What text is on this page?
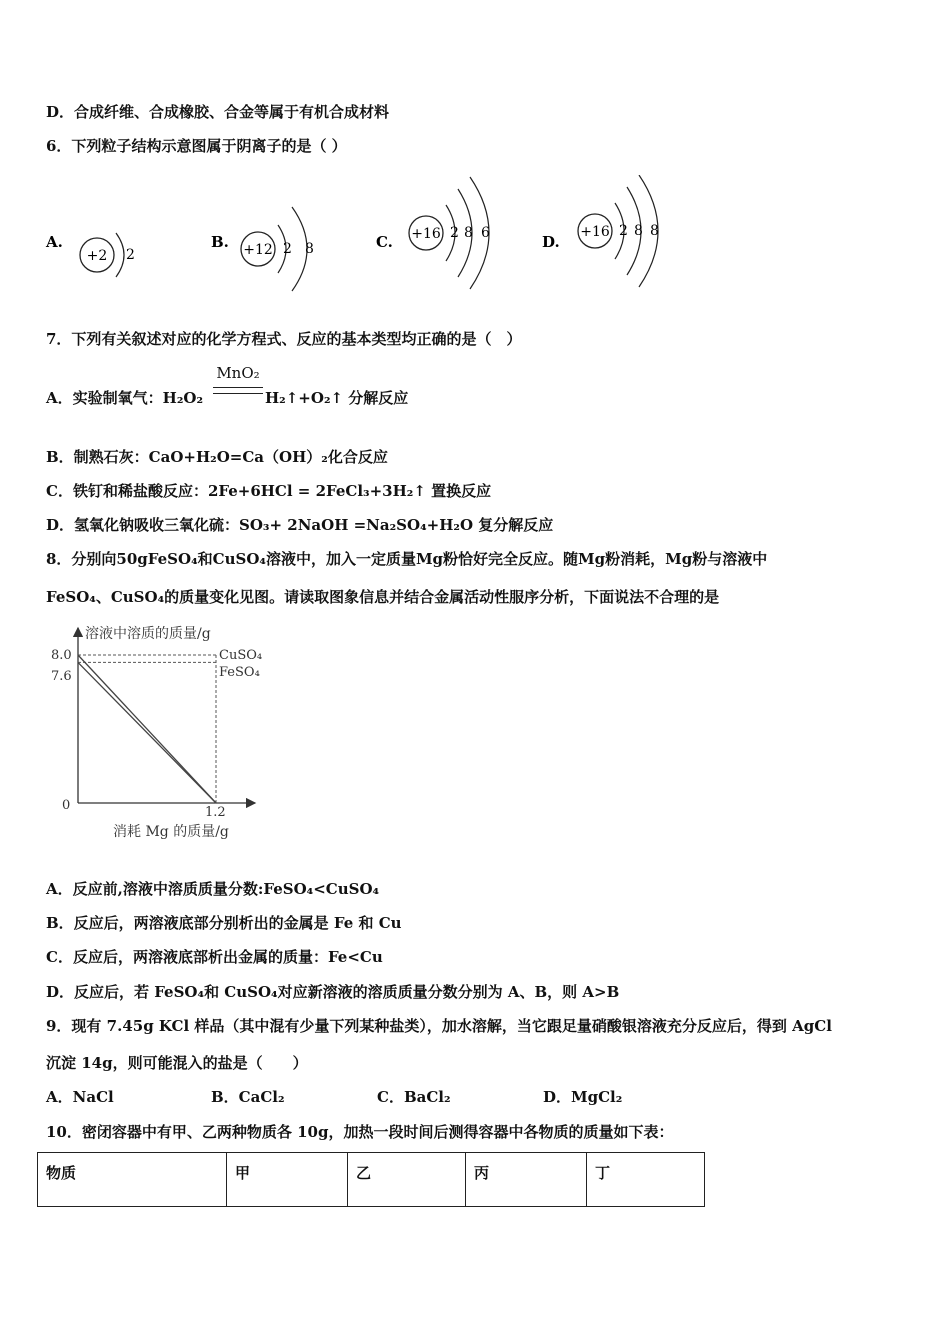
D．合成纤维、合成橡胶、合金等属于有机合成材料
6．下列粒子结构示意图属于阴离子的是（ ）
A.
+2 2
B. +12 2 8	C. +16 2 8 6	D.
+16 2 8 8
7．下列有关叙述对应的化学方程式、反应的基本类型均正确的是（　）
A．实验制氧气：H₂O₂
MnO₂
H₂↑+O₂↑ 分解反应
B．制熟石灰：CaO+H₂O=Ca（OH）₂化合反应
C．铁钉和稀盐酸反应：2Fe+6HCl = 2FeCl₃+3H₂↑ 置换反应
D．氢氧化钠吸收三氧化硫：SO₃+ 2NaOH =Na₂SO₄+H₂O 复分解反应
8．分别向50gFeSO₄和CuSO₄溶液中，加入一定质量Mg粉恰好完全反应。随Mg粉消耗，Mg粉与溶液中
FeSO₄、CuSO₄的质量变化见图。请读取图象信息并结合金属活动性服序分析，下面说法不合理的是
溶液中溶质的质量/g
消耗 Mg 的质量/g
0
8.0
7.6
1.2
CuSO₄
FeSO₄
A．反应前,溶液中溶质质量分数:FeSO₄<CuSO₄
B．反应后，两溶液底部分别析出的金属是 Fe 和 Cu
C．反应后，两溶液底部析出金属的质量：Fe<Cu
D．反应后，若 FeSO₄和 CuSO₄对应新溶液的溶质质量分数分别为 A、B，则 A>B
9．现有 7.45g KCl 样品（其中混有少量下列某种盐类），加水溶解，当它跟足量硝酸银溶液充分反应后，得到 AgCl
沉淀 14g，则可能混入的盐是（　　）
A．NaCl	B．CaCl₂	C．BaCl₂	D．MgCl₂
10．密闭容器中有甲、乙两种物质各 10g，加热一段时间后测得容器中各物质的质量如下表：
物质	甲	乙	丙	丁
